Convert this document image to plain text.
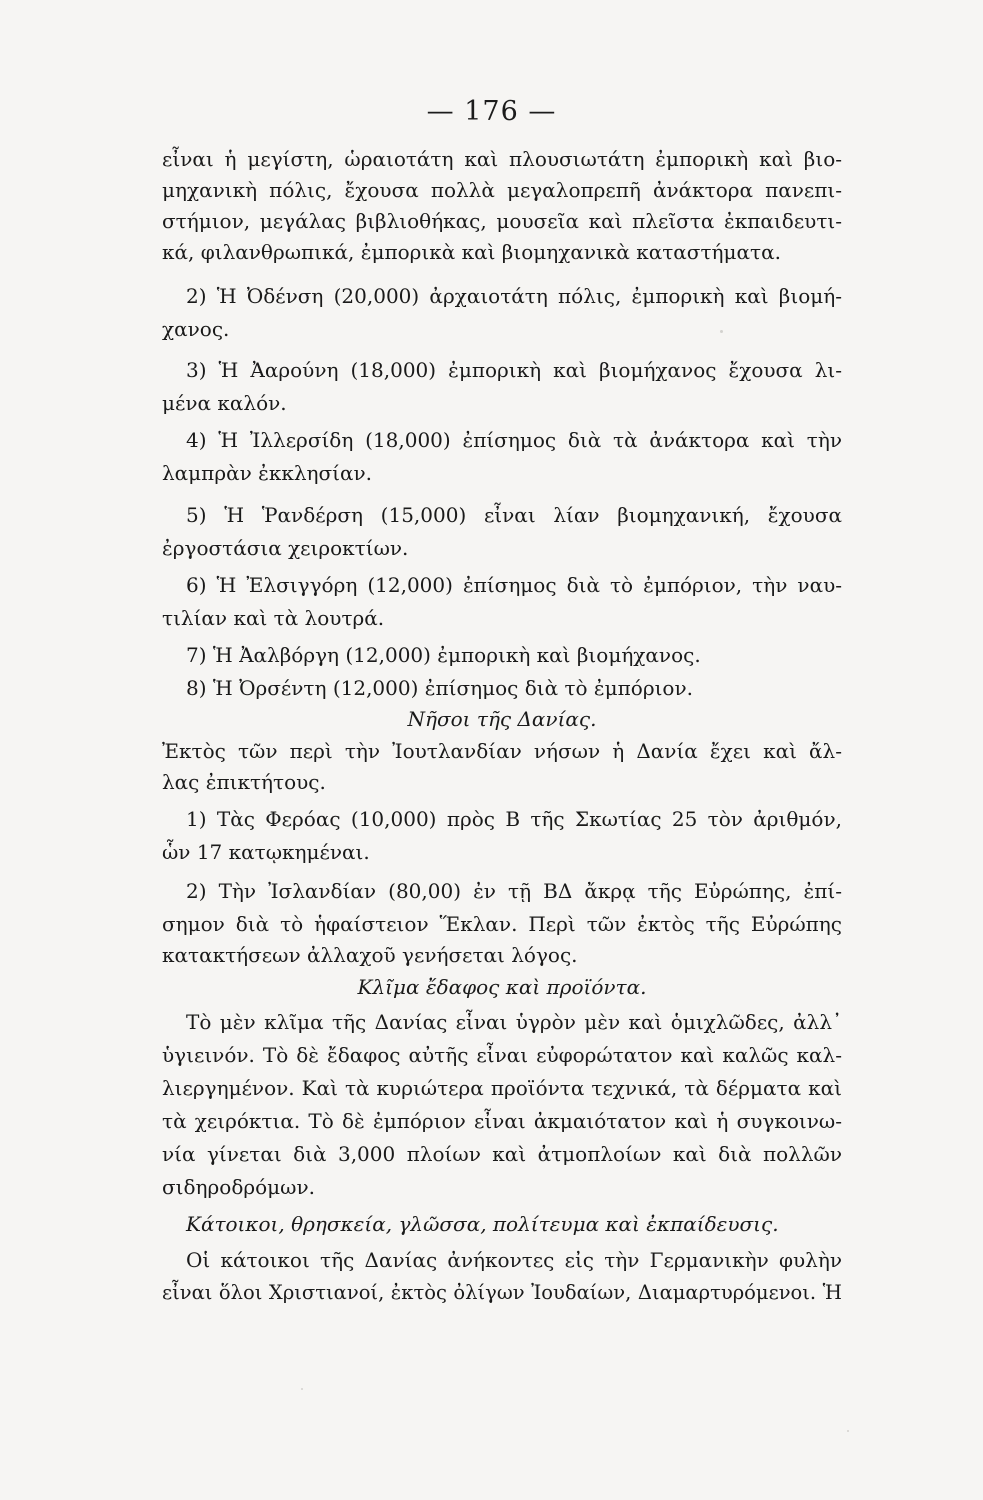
— 176 —
εἶναι ἡ μεγίστη, ὡραιοτάτη καὶ πλουσιωτάτη ἐμπορικὴ καὶ βιο-
μηχανικὴ πόλις, ἔχουσα πολλὰ μεγαλοπρεπῆ ἀνάκτορα πανεπι-
στήμιον, μεγάλας βιβλιοθήκας, μουσεῖα καὶ πλεῖστα ἐκπαιδευτι-
κά, φιλανθρωπικά, ἐμπορικὰ καὶ βιομηχανικὰ καταστήματα.
2) Ἡ Ὀδένση (20,000) ἀρχαιοτάτη πόλις, ἐμπορικὴ καὶ βιομή-
χανος.
3) Ἡ Ἀαρούνη (18,000) ἐμπορικὴ καὶ βιομήχανος ἔχουσα λι-
μένα καλόν.
4) Ἡ Ἰλλερσίδη (18,000) ἐπίσημος διὰ τὰ ἀνάκτορα καὶ τὴν
λαμπρὰν ἐκκλησίαν.
5) Ἡ Ῥανδέρση (15,000) εἶναι λίαν βιομηχανική, ἔχουσα
ἐργοστάσια χειροκτίων.
6) Ἡ Ἐλσιγγόρη (12,000) ἐπίσημος διὰ τὸ ἐμπόριον, τὴν ναυ-
τιλίαν καὶ τὰ λουτρά.
7) Ἡ Ἀαλβόργη (12,000) ἐμπορικὴ καὶ βιομήχανος.
8) Ἡ Ὀρσέντη (12,000) ἐπίσημος διὰ τὸ ἐμπόριον.
Νῆσοι τῆς Δανίας.
Ἐκτὸς τῶν περὶ τὴν Ἰουτλανδίαν νήσων ἡ Δανία ἔχει καὶ ἄλ-
λας ἐπικτήτους.
1) Τὰς Φερόας (10,000) πρὸς Β τῆς Σκωτίας 25 τὸν ἀριθμόν,
ὧν 17 κατῳκημέναι.
2) Τὴν Ἰσλανδίαν (80,00) ἐν τῇ ΒΔ ἄκρᾳ τῆς Εὐρώπης, ἐπί-
σημον διὰ τὸ ἡφαίστειον Ἕκλαν. Περὶ τῶν ἐκτὸς τῆς Εὐρώπης
κατακτήσεων ἀλλαχοῦ γενήσεται λόγος.
Κλῖμα ἔδαφος καὶ προϊόντα.
Τὸ μὲν κλῖμα τῆς Δανίας εἶναι ὑγρὸν μὲν καὶ ὁμιχλῶδες, ἀλλ᾽
ὑγιεινόν. Τὸ δὲ ἔδαφος αὐτῆς εἶναι εὐφορώτατον καὶ καλῶς καλ-
λιεργημένον. Καὶ τὰ κυριώτερα προϊόντα τεχνικά, τὰ δέρματα καὶ
τὰ χειρόκτια. Τὸ δὲ ἐμπόριον εἶναι ἀκμαιότατον καὶ ἡ συγκοινω-
νία γίνεται διὰ 3,000 πλοίων καὶ ἀτμοπλοίων καὶ διὰ πολλῶν
σιδηροδρόμων.
Κάτοικοι, θρησκεία, γλῶσσα, πολίτευμα καὶ ἐκπαίδευσις.
Οἱ κάτοικοι τῆς Δανίας ἀνήκοντες εἰς τὴν Γερμανικὴν φυλὴν
εἶναι ὅλοι Χριστιανοί, ἐκτὸς ὀλίγων Ἰουδαίων, Διαμαρτυρόμενοι. Ἡ
